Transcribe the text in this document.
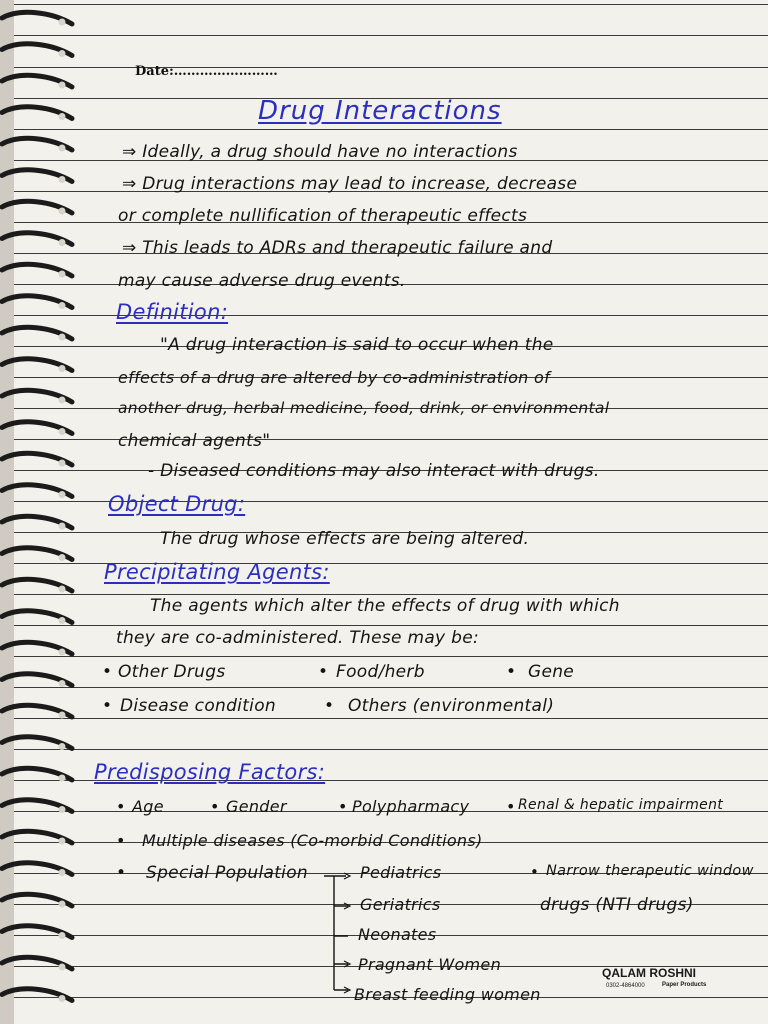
Date:……………………
Drug Interactions
⇒ Ideally, a drug should have no interactions
⇒ Drug interactions may lead to increase, decrease
or complete nullification of therapeutic effects
⇒ This leads to ADRs and therapeutic failure and
may cause adverse drug events.
Definition:
"A drug interaction is said to occur when the
effects of a drug are altered by co-administration of
another drug, herbal medicine, food, drink, or environmental
chemical agents"
- Diseased conditions may also interact with drugs.
Object Drug:
The drug whose effects are being altered.
Precipitating Agents:
The agents which alter the effects of drug with which
they are co-administered. These may be:
• Other Drugs	• Food/herb	• Gene
• Disease condition	• Others (environmental)
Predisposing Factors:
• Age	• Gender	• Polypharmacy • Renal & hepatic impairment
• Multiple diseases (Co-morbid Conditions)
• Special Population	Pediatrics
Geriatrics
Neonates
Pragnant Women
Breast feeding women
• Narrow therapeutic window
drugs (NTI drugs)
QALAM ROSHNI
0302-4864000	Paper Products
